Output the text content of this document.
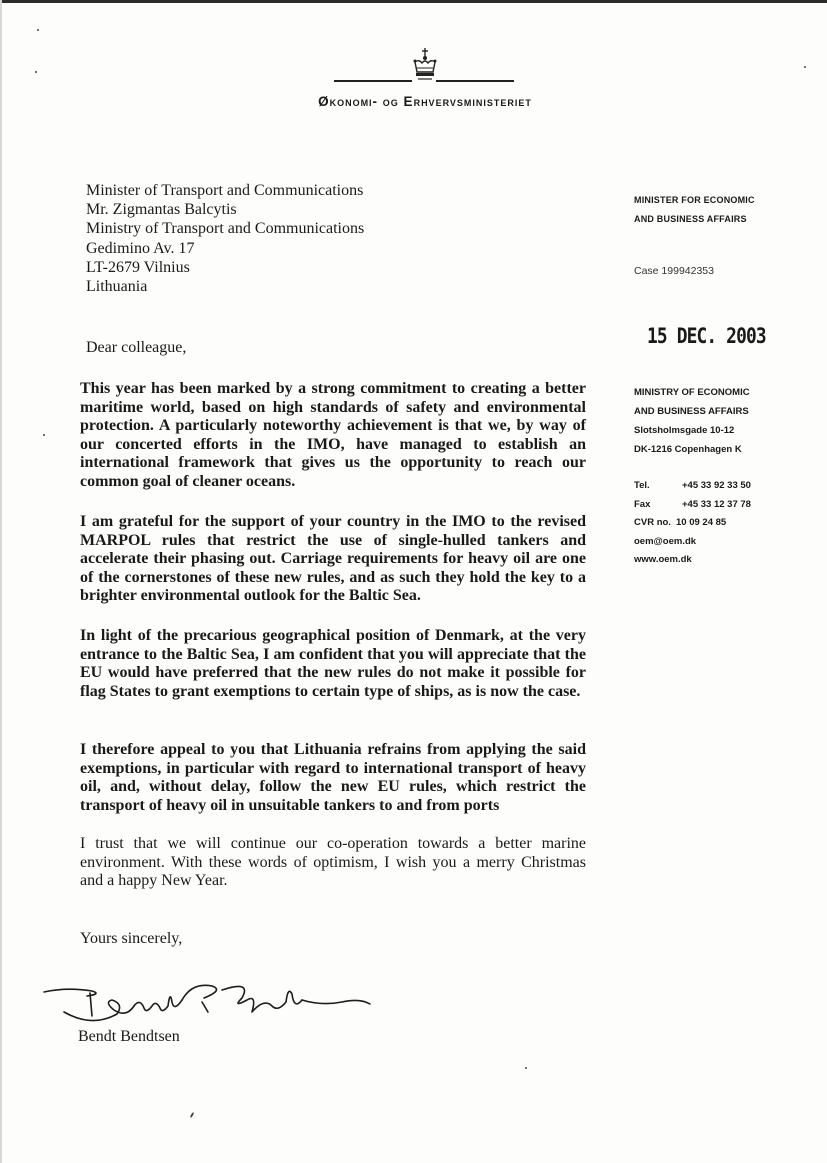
Økonomi- og Erhvervsministeriet
Minister of Transport and Communications
Mr. Zigmantas Balcytis
Ministry of Transport and Communications
Gedimino Av. 17
LT-2679 Vilnius
Lithuania
MINISTER FOR ECONOMIC
AND BUSINESS AFFAIRS
Case 199942353
15 DEC. 2003
MINISTRY OF ECONOMIC
AND BUSINESS AFFAIRS
Slotsholmsgade 10-12
DK-1216 Copenhagen K
Tel.	+45 33 92 33 50
Fax	+45 33 12 37 78
CVR no. 10 09 24 85
oem@oem.dk
www.oem.dk
Dear colleague,
This year has been marked by a strong commitment to creating a better maritime world, based on high standards of safety and environmental protection. A particularly noteworthy achievement is that we, by way of our concerted efforts in the IMO, have managed to establish an international framework that gives us the opportunity to reach our common goal of cleaner oceans.
I am grateful for the support of your country in the IMO to the revised MARPOL rules that restrict the use of single-hulled tankers and accelerate their phasing out. Carriage requirements for heavy oil are one of the cornerstones of these new rules, and as such they hold the key to a brighter environmental outlook for the Baltic Sea.
In light of the precarious geographical position of Denmark, at the very entrance to the Baltic Sea, I am confident that you will appreciate that the EU would have preferred that the new rules do not make it possible for flag States to grant exemptions to certain type of ships, as is now the case.
I therefore appeal to you that Lithuania refrains from applying the said exemptions, in particular with regard to international transport of heavy oil, and, without delay, follow the new EU rules, which restrict the transport of heavy oil in unsuitable tankers to and from ports
I trust that we will continue our co-operation towards a better marine environment. With these words of optimism, I wish you a merry Christmas and a happy New Year.
Yours sincerely,
Bendt Bendtsen
